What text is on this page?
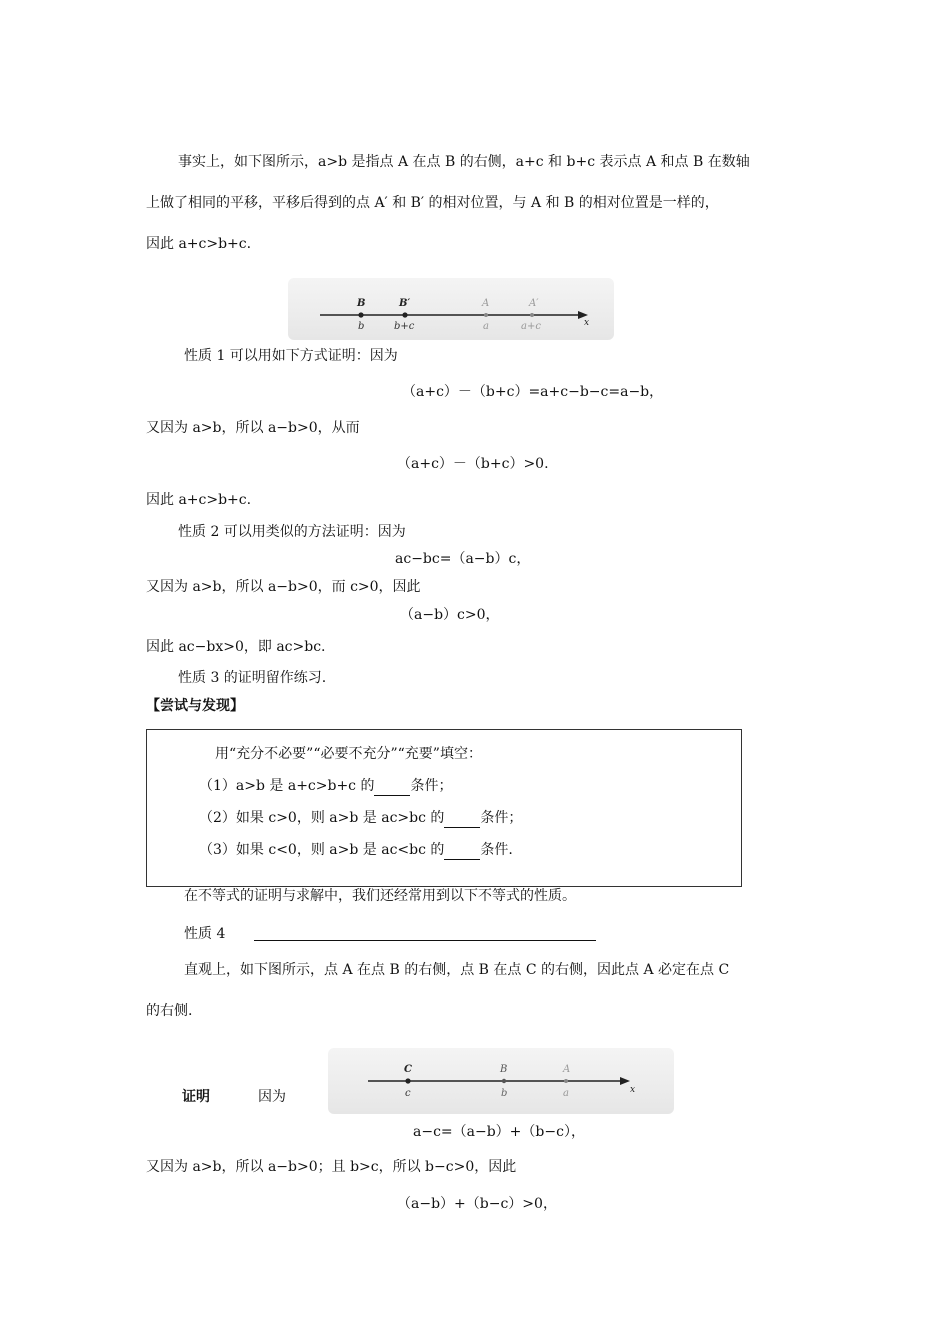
事实上，如下图所示，a>b 是指点 A 在点 B 的右侧，a+c 和 b+c 表示点 A 和点 B 在数轴
上做了相同的平移，平移后得到的点 A′ 和 B′ 的相对位置，与 A 和 B 的相对位置是一样的，
因此 a+c>b+c.
x
B
b
B′
b+c
A
a
A′
a+c
性质 1 可以用如下方式证明：因为
（a+c）－（b+c）=a+c−b−c=a−b，
又因为 a>b，所以 a−b>0，从而
（a+c）－（b+c）>0.
因此 a+c>b+c.
性质 2 可以用类似的方法证明：因为
ac−bc=（a−b）c，
又因为 a>b，所以 a−b>0，而 c>0，因此
（a−b）c>0，
因此 ac−bx>0，即 ac>bc.
性质 3 的证明留作练习.
【尝试与发现】
用“充分不必要”“必要不充分”“充要”填空：
（1）a>b 是 a+c>b+c 的	条件；
（2）如果 c>0，则 a>b 是 ac>bc 的	条件；
（3）如果 c<0，则 a>b 是 ac<bc 的	条件.
在不等式的证明与求解中，我们还经常用到以下不等式的性质。
性质 4
直观上，如下图所示，点 A 在点 B 的右侧，点 B 在点 C 的右侧，因此点 A 必定在点 C
的右侧.
证明	因为	x
C
c
B
b
A
a
a−c=（a−b）+（b−c），
又因为 a>b，所以 a−b>0；且 b>c，所以 b−c>0，因此
（a−b）+（b−c）>0，
